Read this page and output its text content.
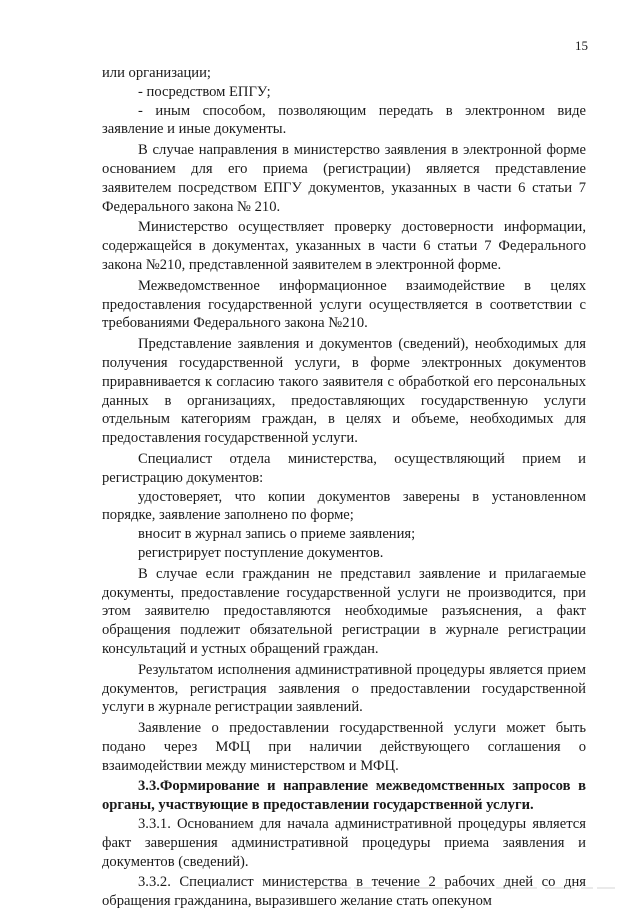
15

или организации;

- посредством ЕПГУ;

- иным способом, позволяющим передать в электронном виде заявление и иные документы.

В случае направления в министерство заявления в электронной форме основанием для его приема (регистрации) является представление заявителем посредством ЕПГУ документов, указанных в части 6 статьи 7 Федерального закона № 210.

Министерство осуществляет проверку достоверности информации, содержащейся в документах, указанных в части 6 статьи 7 Федерального закона №210, представленной заявителем в электронной форме.

Межведомственное информационное взаимодействие в целях предоставления государственной услуги осуществляется в соответствии с требованиями Федерального закона №210.

Представление заявления и документов (сведений), необходимых для получения государственной услуги, в форме электронных документов приравнивается к согласию такого заявителя с обработкой его персональных данных в организациях, предоставляющих государственную услуги отдельным категориям граждан, в целях и объеме, необходимых для предоставления государственной услуги.

Специалист отдела министерства, осуществляющий прием и регистрацию документов:

удостоверяет, что копии документов заверены в установленном порядке, заявление заполнено по форме;

вносит в журнал запись о приеме заявления;

регистрирует поступление документов.

В случае если гражданин не представил заявление и прилагаемые документы, предоставление государственной услуги не производится, при этом заявителю предоставляются необходимые разъяснения, а факт обращения подлежит обязательной регистрации в журнале регистрации консультаций и устных обращений граждан.

Результатом исполнения административной процедуры является прием документов, регистрация заявления о предоставлении государственной услуги в журнале регистрации заявлений.

Заявление о предоставлении государственной услуги может быть подано через МФЦ при наличии действующего соглашения о взаимодействии между министерством и МФЦ.

3.3.Формирование и направление межведомственных запросов в органы, участвующие в предоставлении государственной услуги.

3.3.1. Основанием для начала административной процедуры является факт завершения административной процедуры приема заявления и документов (сведений).

3.3.2. Специалист министерства в течение 2 рабочих дней со дня обращения гражданина, выразившего желание стать опекуном
